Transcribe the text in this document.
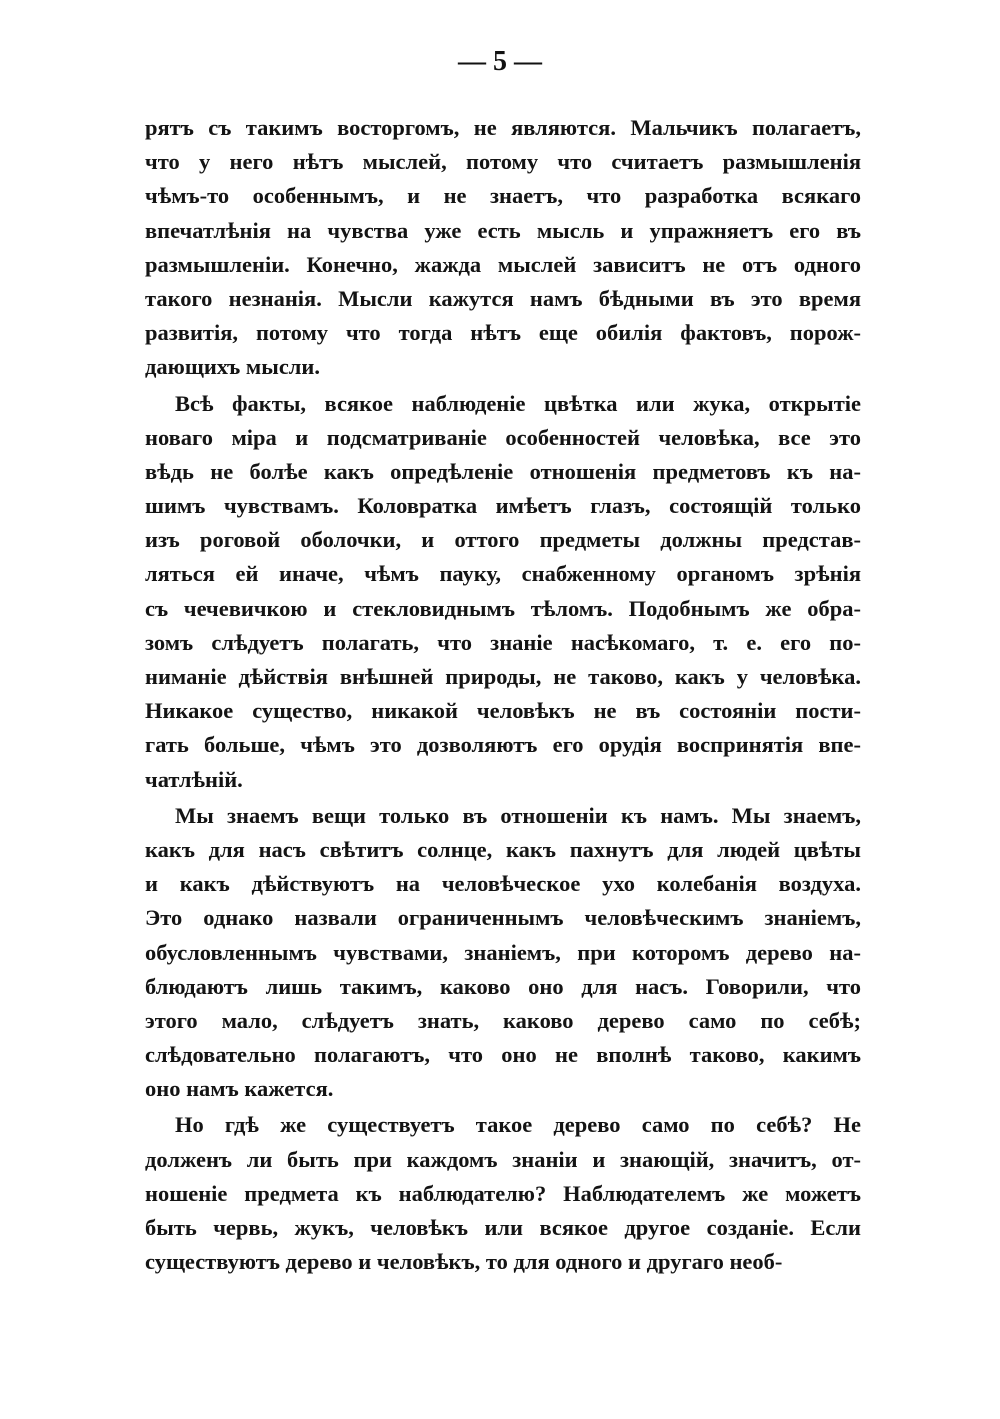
— 5 —
рятъ съ такимъ восторгомъ, не являются. Мальчикъ полагаетъ,
что у него нѣтъ мыслей, потому что считаетъ размышленія
чѣмъ-то особеннымъ, и не знаетъ, что разработка всякаго
впечатлѣнія на чувства уже есть мысль и упражняетъ его въ
размышленіи. Конечно, жажда мыслей зависитъ не отъ одного
такого незнанія. Мысли кажутся намъ бѣдными въ это время
развитія, потому что тогда нѣтъ еще обилія фактовъ, порож-
дающихъ мысли.
Всѣ факты, всякое наблюденіе цвѣтка или жука, открытіе
новаго міра и подсматриваніе особенностей человѣка, все это
вѣдь не болѣе какъ опредѣленіе отношенія предметовъ къ на-
шимъ чувствамъ. Коловратка имѣетъ глазъ, состоящій только
изъ роговой оболочки, и оттого предметы должны представ-
ляться ей иначе, чѣмъ пауку, снабженному органомъ зрѣнія
съ чечевичкою и стекловиднымъ тѣломъ. Подобнымъ же обра-
зомъ слѣдуетъ полагать, что знаніе насѣкомаго, т. е. его по-
ниманіе дѣйствія внѣшней природы, не таково, какъ у человѣка.
Никакое существо, никакой человѣкъ не въ состояніи пости-
гать больше, чѣмъ это дозволяютъ его орудія воспринятія впе-
чатлѣній.
Мы знаемъ вещи только въ отношеніи къ намъ. Мы знаемъ,
какъ для насъ свѣтитъ солнце, какъ пахнутъ для людей цвѣты
и какъ дѣйствуютъ на человѣческое ухо колебанія воздуха.
Это однако назвали ограниченнымъ человѣческимъ знаніемъ,
обусловленнымъ чувствами, знаніемъ, при которомъ дерево на-
блюдаютъ лишь такимъ, каково оно для насъ. Говорили, что
этого мало, слѣдуетъ знать, каково дерево само по себѣ;
слѣдовательно полагаютъ, что оно не вполнѣ таково, какимъ
оно намъ кажется.
Но гдѣ же существуетъ такое дерево само по себѣ? Не
долженъ ли быть при каждомъ знаніи и знающій, значитъ, от-
ношеніе предмета къ наблюдателю? Наблюдателемъ же можетъ
быть червь, жукъ, человѣкъ или всякое другое созданіе. Если
существуютъ дерево и человѣкъ, то для одного и другаго необ-
